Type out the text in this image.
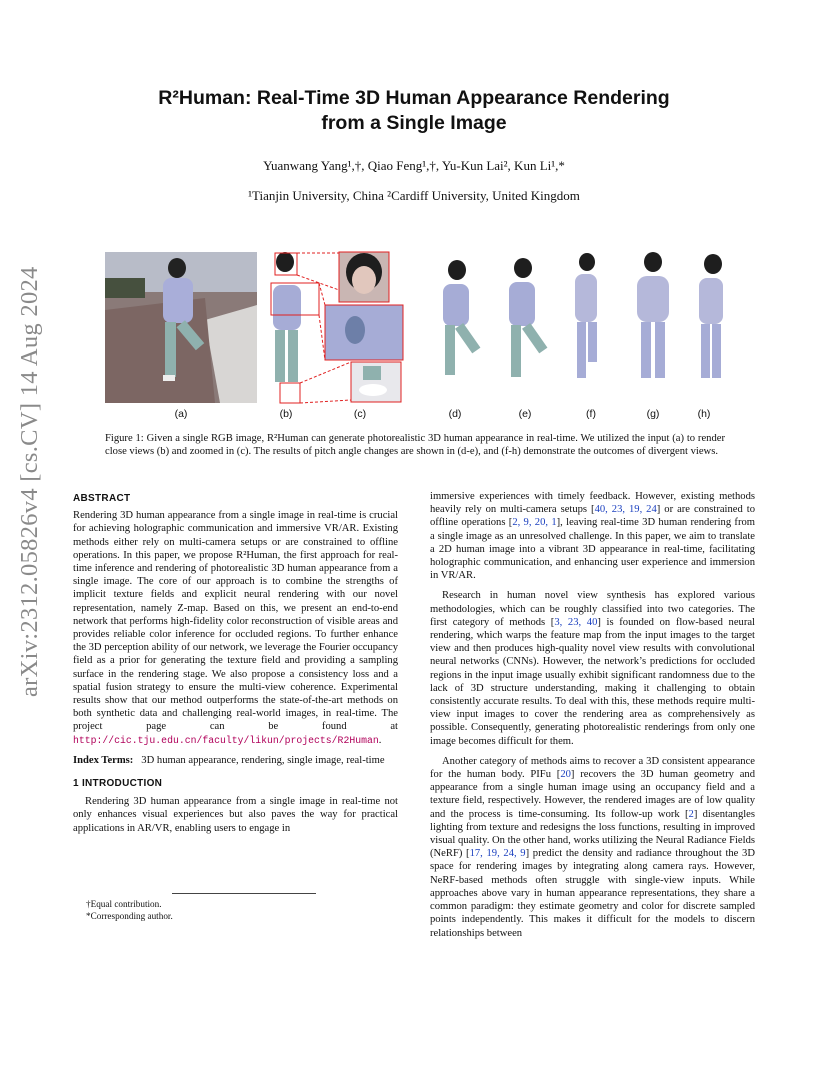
arXiv:2312.05826v4 [cs.CV] 14 Aug 2024
R²Human: Real-Time 3D Human Appearance Rendering
from a Single Image
Yuanwang Yang¹,†, Qiao Feng¹,†, Yu-Kun Lai², Kun Li¹,*
¹Tianjin University, China ²Cardiff University, United Kingdom
(a)	(b)	(c)	(d)	(e)	(f)	(g)	(h)
Figure 1: Given a single RGB image, R²Human can generate photorealistic 3D human appearance in real-time. We utilized the input (a) to render close views (b) and zoomed in (c). The results of pitch angle changes are shown in (d-e), and (f-h) demonstrate the outcomes of divergent views.
ABSTRACT

Rendering 3D human appearance from a single image in real-time is crucial for achieving holographic communication and immersive VR/AR. Existing methods either rely on multi-camera setups or are constrained to offline operations. In this paper, we propose R²Human, the first approach for real-time inference and rendering of photorealistic 3D human appearance from a single image. The core of our approach is to combine the strengths of implicit texture fields and explicit neural rendering with our novel representation, namely Z-map. Based on this, we present an end-to-end network that performs high-fidelity color reconstruction of visible areas and provides reliable color inference for occluded regions. To further enhance the 3D perception ability of our network, we leverage the Fourier occupancy field as a prior for generating the texture field and providing a sampling surface in the rendering stage. We also propose a consistency loss and a spatial fusion strategy to ensure the multi-view coherence. Experimental results show that our method outperforms the state-of-the-art methods on both synthetic data and challenging real-world images, in real-time. The project page can be found at http://cic.tju.edu.cn/faculty/likun/projects/R2Human.

Index Terms: 3D human appearance, rendering, single image, real-time

1 INTRODUCTION

Rendering 3D human appearance from a single image in real-time not only enhances visual experiences but also paves the way for practical applications in AR/VR, enabling users to engage in

†Equal contribution.
*Corresponding author.

immersive experiences with timely feedback. However, existing methods heavily rely on multi-camera setups [40, 23, 19, 24] or are constrained to offline operations [2, 9, 20, 1], leaving real-time 3D human rendering from a single image as an unresolved challenge. In this paper, we aim to translate a 2D human image into a vibrant 3D appearance in real-time, facilitating holographic communication, and enhancing user experience and immersion in VR/AR.

Research in human novel view synthesis has explored various methodologies, which can be roughly classified into two categories. The first category of methods [3, 23, 40] is founded on flow-based neural rendering, which warps the feature map from the input images to the target view and then produces high-quality novel view results with convolutional neural networks (CNNs). However, the network’s predictions for occluded regions in the input image usually exhibit significant randomness due to the lack of 3D structure understanding, making it challenging to obtain consistently accurate results. To deal with this, these methods require multi-view input images to cover the rendering area as comprehensively as possible. Consequently, generating photorealistic renderings from only one image becomes difficult for them.

Another category of methods aims to recover a 3D consistent appearance for the human body. PIFu [20] recovers the 3D human geometry and appearance from a single human image using an occupancy field and a texture field, respectively. However, the rendered images are of low quality and the process is time-consuming. Its follow-up work [2] disentangles lighting from texture and redesigns the loss functions, resulting in improved visual quality. On the other hand, works utilizing the Neural Radiance Fields (NeRF) [17, 19, 24, 9] predict the density and radiance throughout the 3D space for rendering images by integrating along camera rays. However, NeRF-based methods often struggle with single-view inputs. While approaches above vary in human appearance representations, they share a common paradigm: they estimate geometry and color for discrete sampled points independently. This makes it difficult for the models to discern relationships between
